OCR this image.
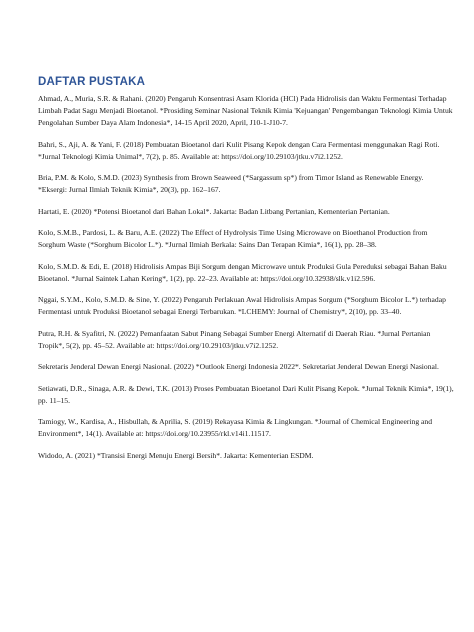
DAFTAR PUSTAKA
Ahmad, A., Muria, S.R. & Rahani. (2020) Pengaruh Konsentrasi Asam Klorida (HCl) Pada Hidrolisis dan Waktu Fermentasi Terhadap Limbah Padat Sagu Menjadi Bioetanol. *Prosiding Seminar Nasional Teknik Kimia 'Kejuangan' Pengembangan Teknologi Kimia Untuk Pengolahan Sumber Daya Alam Indonesia*, 14-15 April 2020, April, J10-1-J10-7.
Bahri, S., Aji, A. & Yani, F. (2018) Pembuatan Bioetanol dari Kulit Pisang Kepok dengan Cara Fermentasi menggunakan Ragi Roti. *Jurnal Teknologi Kimia Unimal*, 7(2), p. 85. Available at: https://doi.org/10.29103/jtku.v7i2.1252.
Bria, P.M. & Kolo, S.M.D. (2023) Synthesis from Brown Seaweed (*Sargassum sp*) from Timor Island as Renewable Energy. *Eksergi: Jurnal Ilmiah Teknik Kimia*, 20(3), pp. 162–167.
Hartati, E. (2020) *Potensi Bioetanol dari Bahan Lokal*. Jakarta: Badan Litbang Pertanian, Kementerian Pertanian.
Kolo, S.M.B., Pardosi, L. & Baru, A.E. (2022) The Effect of Hydrolysis Time Using Microwave on Bioethanol Production from Sorghum Waste (*Sorghum Bicolor L.*). *Jurnal Ilmiah Berkala: Sains Dan Terapan Kimia*, 16(1), pp. 28–38.
Kolo, S.M.D. & Edi, E. (2018) Hidrolisis Ampas Biji Sorgum dengan Microwave untuk Produksi Gula Pereduksi sebagai Bahan Baku Bioetanol. *Jurnal Saintek Lahan Kering*, 1(2), pp. 22–23. Available at: https://doi.org/10.32938/slk.v1i2.596.
Nggai, S.Y.M., Kolo, S.M.D. & Sine, Y. (2022) Pengaruh Perlakuan Awal Hidrolisis Ampas Sorgum (*Sorghum Bicolor L.*) terhadap Fermentasi untuk Produksi Bioetanol sebagai Energi Terbarukan. *LCHEMY: Journal of Chemistry*, 2(10), pp. 33–40.
Putra, R.H. & Syafitri, N. (2022) Pemanfaatan Sabut Pinang Sebagai Sumber Energi Alternatif di Daerah Riau. *Jurnal Pertanian Tropik*, 5(2), pp. 45–52. Available at: https://doi.org/10.29103/jtku.v7i2.1252.
Sekretaris Jenderal Dewan Energi Nasional. (2022) *Outlook Energi Indonesia 2022*. Sekretariat Jenderal Dewan Energi Nasional.
Setiawati, D.R., Sinaga, A.R. & Dewi, T.K. (2013) Proses Pembuatan Bioetanol Dari Kulit Pisang Kepok. *Jurnal Teknik Kimia*, 19(1), pp. 11–15.
Tamiogy, W., Kardisa, A., Hisbullah, & Aprilia, S. (2019) Rekayasa Kimia & Lingkungan. *Journal of Chemical Engineering and Environment*, 14(1). Available at: https://doi.org/10.23955/rkl.v14i1.11517.
Widodo, A. (2021) *Transisi Energi Menuju Energi Bersih*. Jakarta: Kementerian ESDM.
